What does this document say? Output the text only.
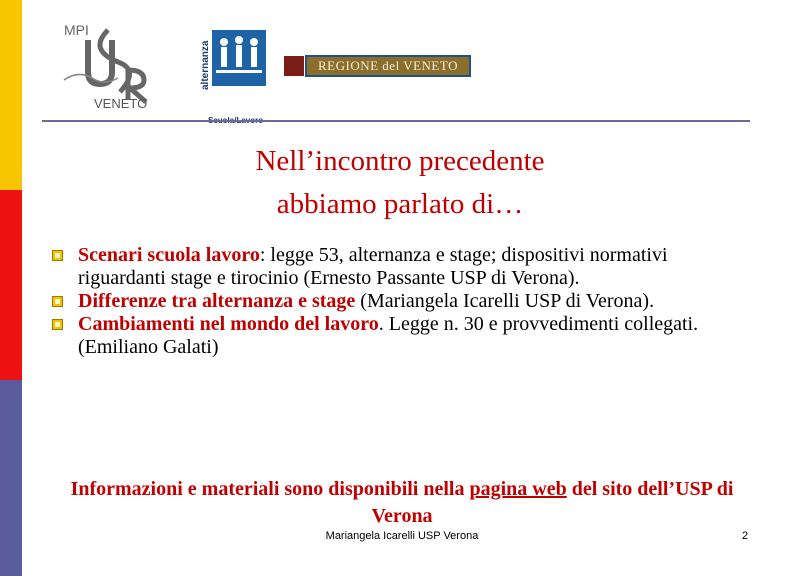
MPI
VENETO
alternanza	REGIONE del VENETO
Nell’incontro precedente
abbiamo parlato di…
Scenari scuola lavoro: legge 53, alternanza e stage; dispositivi normativi riguardanti stage e tirocinio (Ernesto Passante USP di Verona).
Differenze tra alternanza e stage (Mariangela Icarelli USP di Verona).
Cambiamenti nel mondo del lavoro. Legge n. 30 e provvedimenti collegati.(Emiliano Galati)
Informazioni e materiali sono disponibili nella pagina web del sito dell’USP di Verona
Mariangela Icarelli USP Verona	2
